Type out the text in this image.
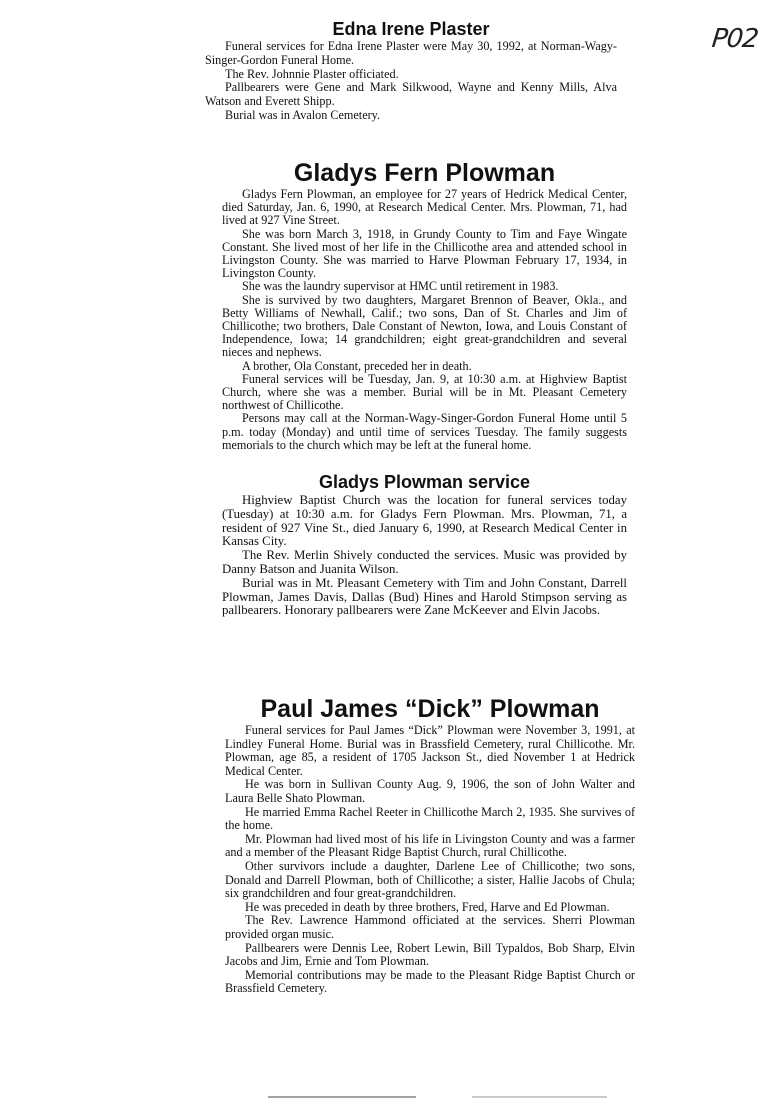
P02
Edna Irene Plaster

Funeral services for Edna Irene Plaster were May 30, 1992, at Norman-Wagy-Singer-Gordon Funeral Home.

The Rev. Johnnie Plaster officiated.

Pallbearers were Gene and Mark Silkwood, Wayne and Kenny Mills, Alva Watson and Everett Shipp.

Burial was in Avalon Cemetery.

Gladys Fern Plowman

Gladys Fern Plowman, an employee for 27 years of Hedrick Medical Center, died Saturday, Jan. 6, 1990, at Research Medical Center. Mrs. Plowman, 71, had lived at 927 Vine Street.

She was born March 3, 1918, in Grundy County to Tim and Faye Wingate Constant. She lived most of her life in the Chillicothe area and attended school in Livingston County. She was married to Harve Plowman February 17, 1934, in Livingston County.

She was the laundry supervisor at HMC until retirement in 1983.

She is survived by two daughters, Margaret Brennon of Beaver, Okla., and Betty Williams of Newhall, Calif.; two sons, Dan of St. Charles and Jim of Chillicothe; two brothers, Dale Constant of Newton, Iowa, and Louis Constant of Independence, Iowa; 14 grandchildren; eight great-grandchildren and several nieces and nephews.

A brother, Ola Constant, preceded her in death.

Funeral services will be Tuesday, Jan. 9, at 10:30 a.m. at Highview Baptist Church, where she was a member. Burial will be in Mt. Pleasant Cemetery northwest of Chillicothe.

Persons may call at the Norman-Wagy-Singer-Gordon Funeral Home until 5 p.m. today (Monday) and until time of services Tuesday. The family suggests memorials to the church which may be left at the funeral home.

Gladys Plowman service

Highview Baptist Church was the location for funeral services today (Tuesday) at 10:30 a.m. for Gladys Fern Plowman. Mrs. Plowman, 71, a resident of 927 Vine St., died January 6, 1990, at Research Medical Center in Kansas City.

The Rev. Merlin Shively conducted the services. Music was provided by Danny Batson and Juanita Wilson.

Burial was in Mt. Pleasant Cemetery with Tim and John Constant, Darrell Plowman, James Davis, Dallas (Bud) Hines and Harold Stimpson serving as pallbearers. Honorary pallbearers were Zane McKeever and Elvin Jacobs.

Paul James “Dick” Plowman

Funeral services for Paul James “Dick” Plowman were November 3, 1991, at Lindley Funeral Home. Burial was in Brassfield Cemetery, rural Chillicothe. Mr. Plowman, age 85, a resident of 1705 Jackson St., died November 1 at Hedrick Medical Center.

He was born in Sullivan County Aug. 9, 1906, the son of John Walter and Laura Belle Shato Plowman.

He married Emma Rachel Reeter in Chillicothe March 2, 1935. She survives of the home.

Mr. Plowman had lived most of his life in Livingston County and was a farmer and a member of the Pleasant Ridge Baptist Church, rural Chillicothe.

Other survivors include a daughter, Darlene Lee of Chillicothe; two sons, Donald and Darrell Plowman, both of Chillicothe; a sister, Hallie Jacobs of Chula; six grandchildren and four great-grandchildren.

He was preceded in death by three brothers, Fred, Harve and Ed Plowman.

The Rev. Lawrence Hammond officiated at the services. Sherri Plowman provided organ music.

Pallbearers were Dennis Lee, Robert Lewin, Bill Typaldos, Bob Sharp, Elvin Jacobs and Jim, Ernie and Tom Plowman.

Memorial contributions may be made to the Pleasant Ridge Baptist Church or Brassfield Cemetery.
